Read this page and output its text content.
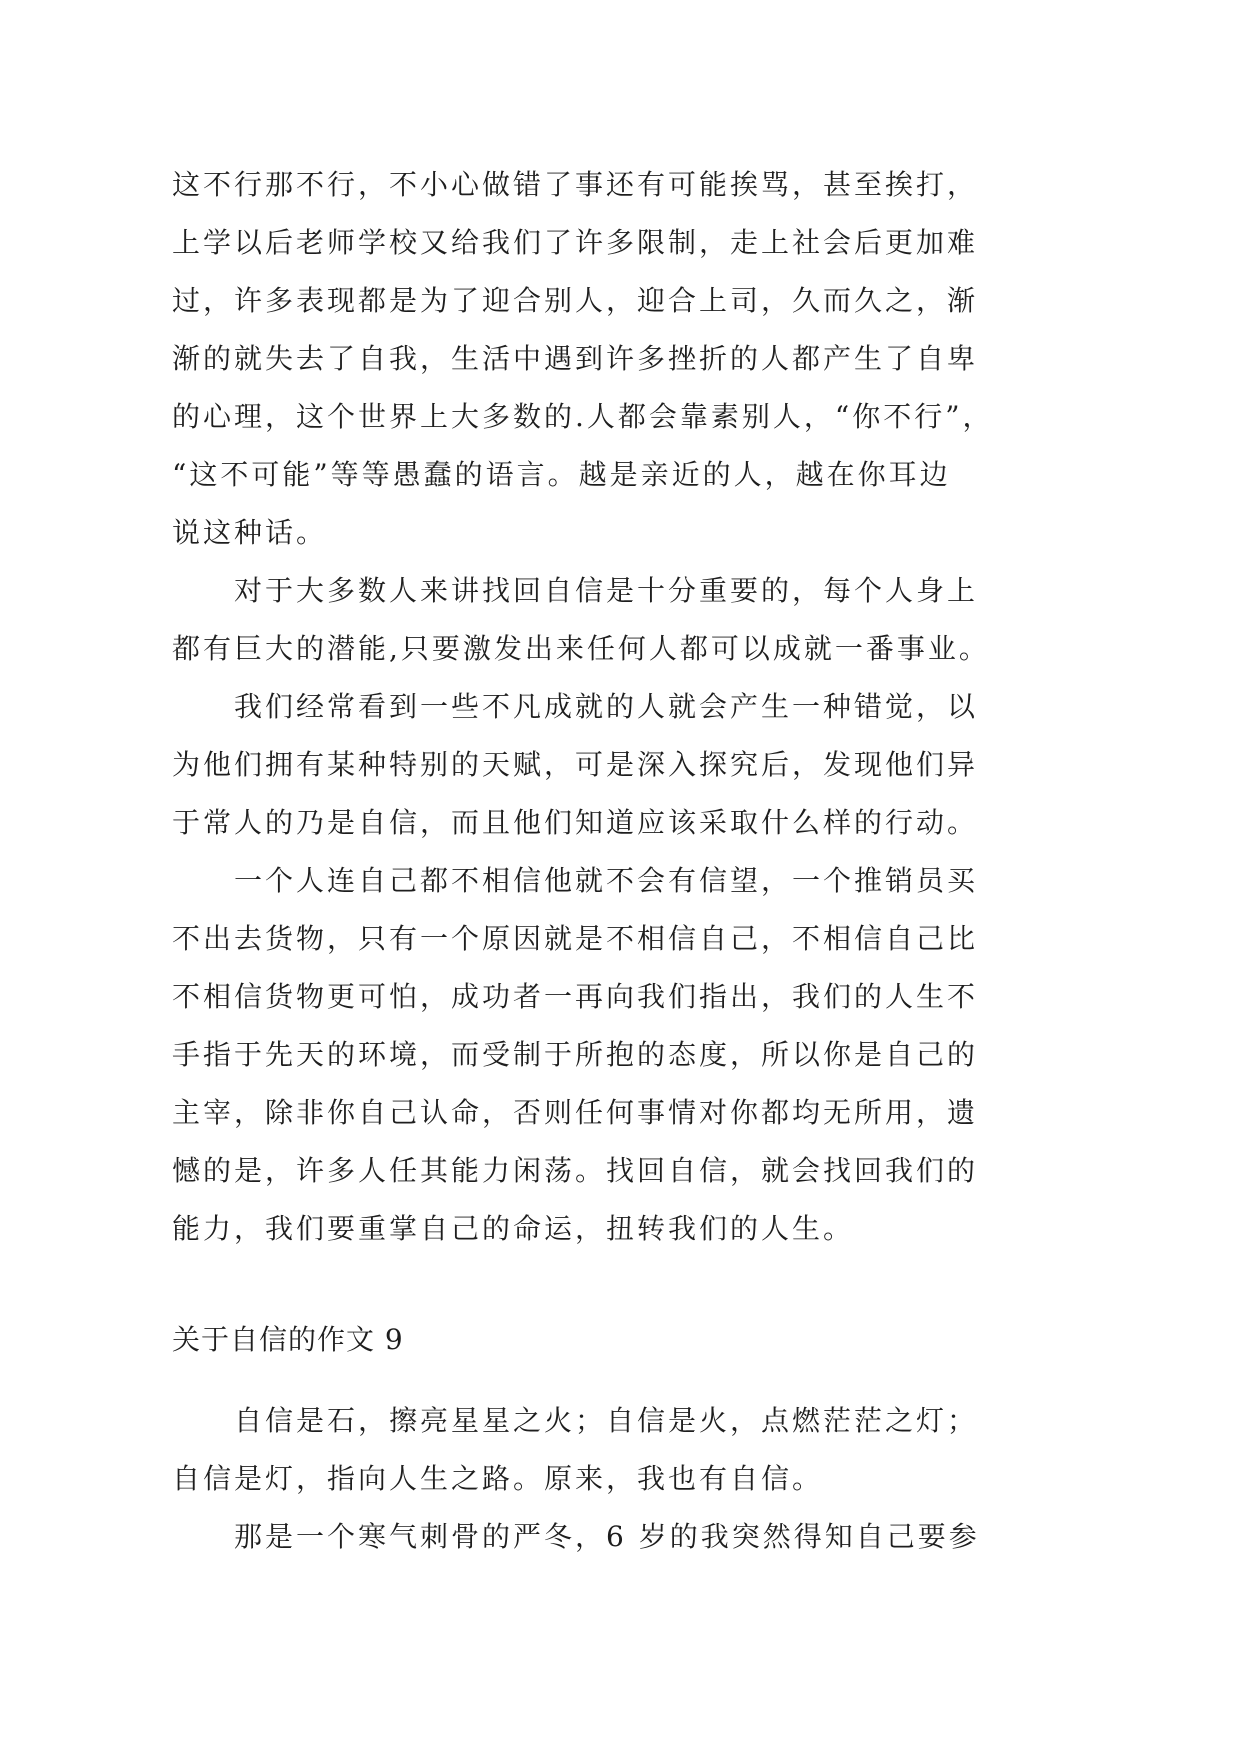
这不行那不行，不小心做错了事还有可能挨骂，甚至挨打，
上学以后老师学校又给我们了许多限制，走上社会后更加难
过，许多表现都是为了迎合别人，迎合上司，久而久之，渐
渐的就失去了自我，生活中遇到许多挫折的人都产生了自卑
的心理，这个世界上大多数的.人都会靠素别人，“你不行”，
“这不可能”等等愚蠢的语言。越是亲近的人，越在你耳边
说这种话。
对于大多数人来讲找回自信是十分重要的，每个人身上
都有巨大的潜能,只要激发出来任何人都可以成就一番事业。
我们经常看到一些不凡成就的人就会产生一种错觉，以
为他们拥有某种特别的天赋，可是深入探究后，发现他们异
于常人的乃是自信，而且他们知道应该采取什么样的行动。
一个人连自己都不相信他就不会有信望，一个推销员买
不出去货物，只有一个原因就是不相信自己，不相信自己比
不相信货物更可怕，成功者一再向我们指出，我们的人生不
手指于先天的环境，而受制于所抱的态度，所以你是自己的
主宰，除非你自己认命，否则任何事情对你都均无所用，遗
憾的是，许多人任其能力闲荡。找回自信，就会找回我们的
能力，我们要重掌自己的命运，扭转我们的人生。
关于自信的作文 9
自信是石，擦亮星星之火；自信是火，点燃茫茫之灯；
自信是灯，指向人生之路。原来，我也有自信。
那是一个寒气刺骨的严冬，6 岁的我突然得知自己要参
